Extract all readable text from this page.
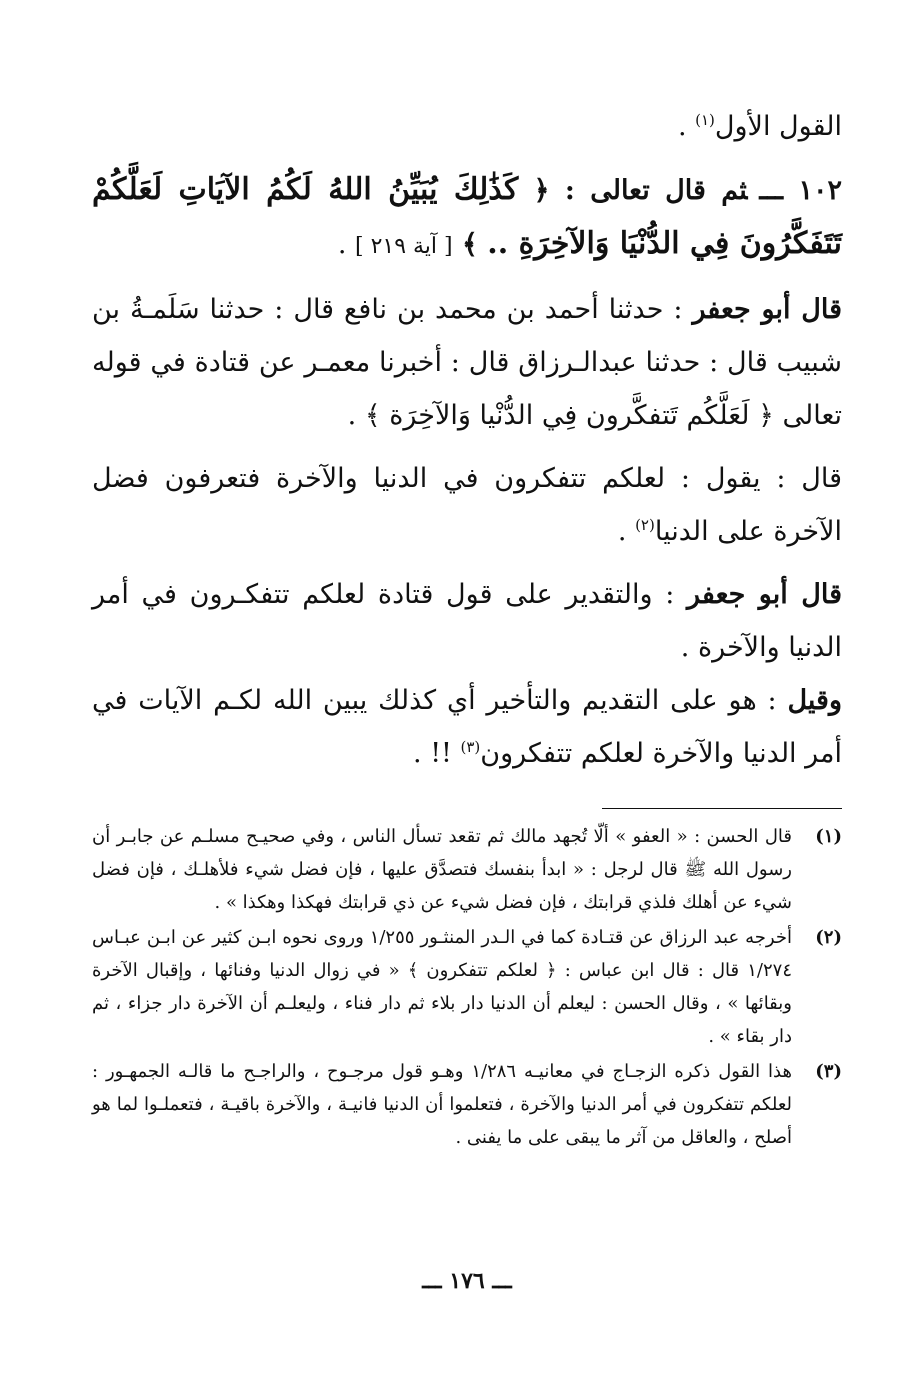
القول الأول$^{(١)}$ .

١٠٢ ـــثم قال تعالى : ﴿ كَذَٰلِكَ يُبَيِّنُ اللهُ لَكُمُ الآيَاتِ لَعَلَّكُمْ تَتَفَكَّرُونَ فِي الدُّنْيَا وَالآخِرَةِ .. ﴾ [ آية ٢١٩ ] .

قال أبو جعفر : حدثنا أحمد بن محمد بن نافع قال : حدثنا سَلَمـةُ بن شبيب قال : حدثنا عبدالـرزاق قال : أخبرنا معمـر عن قتادة في قوله تعالى ﴿ لَعَلَّكُم تَتفكَّرون فِي الدُّنْيا وَالآخِرَة ﴾ .

قال : يقول : لعلكم تتفكرون في الدنيا والآخرة فتعرفون فضل الآخرة على الدنيا$^{(٢)}$ .

قال أبو جعفر : والتقدير على قول قتادة لعلكم تتفكـرون في أمر الدنيا والآخرة .

وقيل : هو على التقديم والتأخير أي كذلك يبين الله لكـم الآيات في أمر الدنيا والآخرة لعلكم تتفكرون$^{(٣)}$ !! .

(١)
قال الحسن : « العفو » ألّا تُجهد مالك ثم تقعد تسأل الناس ، وفي صحيـح مسلـم عن جابـر أن رسول الله ﷺ قال لرجل : « ابدأ بنفسك فتصدَّق عليها ، فإن فضل شيء فلأهلـك ، فإن فضل شيء عن أهلك فلذي قرابتك ، فإن فضل شيء عن ذي قرابتك فهكذا وهكذا » .
(٢)
أخرجه عبد الرزاق عن قتـادة كما في الـدر المنثـور ١/٢٥٥ وروى نحوه ابـن كثير عن ابـن عبـاس ١/٢٧٤ قال : قال ابن عباس : ﴿ لعلكم تتفكرون ﴾ « في زوال الدنيا وفنائها ، وإقبال الآخرة وبقائها » ، وقال الحسن : ليعلم أن الدنيا دار بلاء ثم دار فناء ، وليعلـم أن الآخرة دار جزاء ، ثم دار بقاء » .
(٣)
هذا القول ذكره الزجـاج في معانيـه ١/٢٨٦ وهـو قول مرجـوح ، والراجـح ما قالـه الجمهـور : لعلكم تتفكرون في أمر الدنيا والآخرة ، فتعلموا أن الدنيا فانيـة ، والآخرة باقيـة ، فتعملـوا لما هو أصلح ، والعاقل من آثر ما يبقى على ما يفنى .
ـــ ١٧٦ ـــ
